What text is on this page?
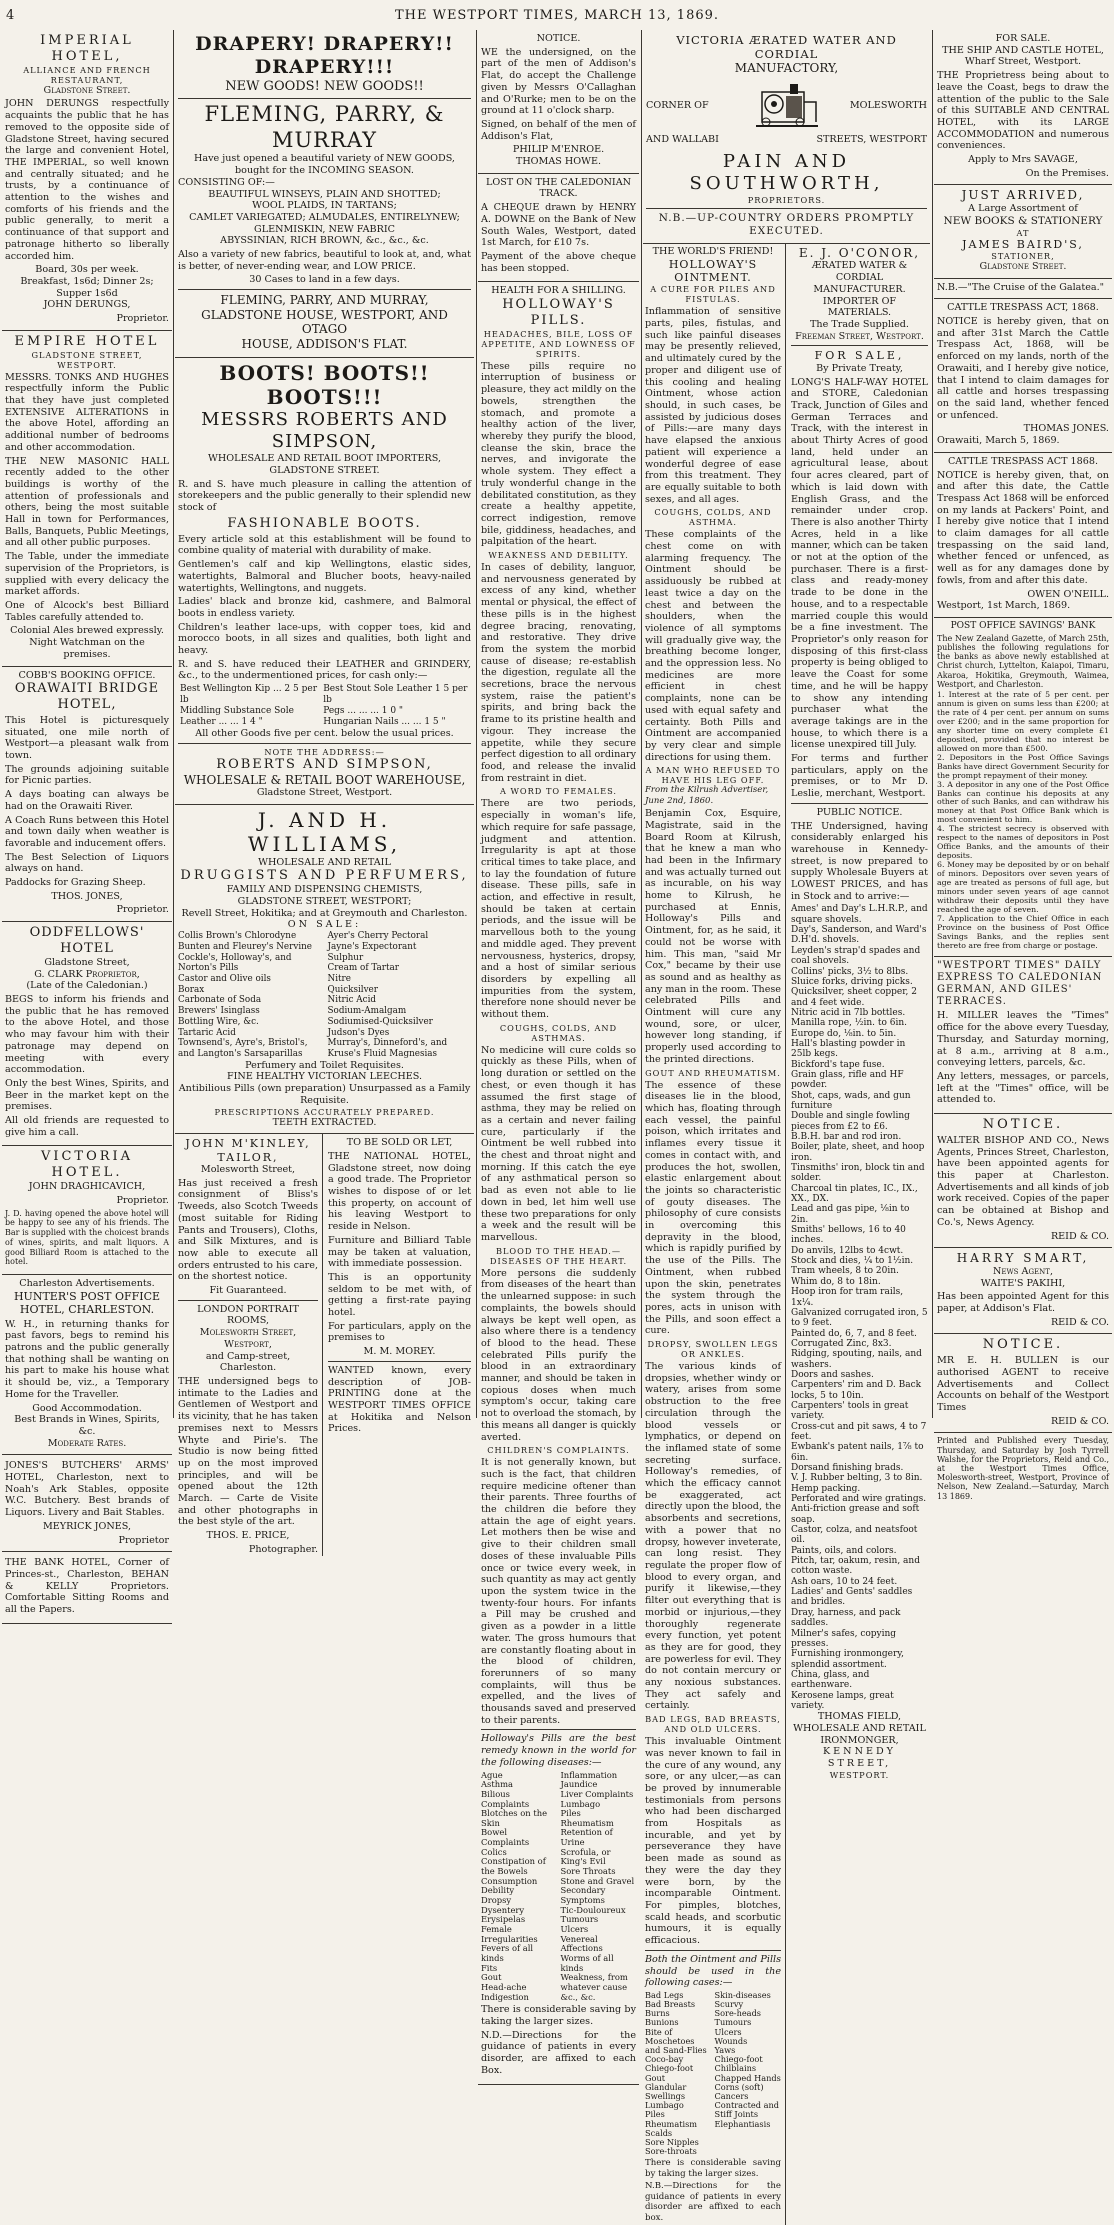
4	THE WESTPORT TIMES, MARCH 13, 1869.
IMPERIAL HOTEL,
ALLIANCE AND FRENCH RESTAURANT,
Gladstone Street.
JOHN DERUNGS respectfully acquaints the public that he has removed to the opposite side of Gladstone Street, having secured the large and convenient Hotel, THE IMPERIAL, so well known and centrally situated; and he trusts, by a continuance of attention to the wishes and comforts of his friends and the public generally, to merit a continuance of that support and patronage hitherto so liberally accorded him.
Board, 30s per week.
Breakfast, 1s6d; Dinner 2s; Supper 1s6d
JOHN DERUNGS,
Proprietor.
EMPIRE HOTEL
GLADSTONE STREET,
WESTPORT.
MESSRS. TONKS AND HUGHES respectfully inform the Public that they have just completed EXTENSIVE ALTERATIONS in the above Hotel, affording an additional number of bedrooms and other accommodation.
THE NEW MASONIC HALL recently added to the other buildings is worthy of the attention of professionals and others, being the most suitable Hall in town for Performances, Balls, Banquets, Public Meetings, and all other public purposes.
The Table, under the immediate supervision of the Proprietors, is supplied with every delicacy the market affords.
One of Alcock's best Billiard Tables carefully attended to.
Colonial Ales brewed expressly.
Night Watchman on the premises.
COBB'S BOOKING OFFICE.
ORAWAITI BRIDGE HOTEL,
This Hotel is picturesquely situated, one mile north of Westport—a pleasant walk from town.
The grounds adjoining suitable for Picnic parties.
A days boating can always be had on the Orawaiti River.
A Coach Runs between this Hotel and town daily when weather is favorable and inducement offers.
The Best Selection of Liquors always on hand.
Paddocks for Grazing Sheep.
THOS. JONES,
Proprietor.
ODDFELLOWS' HOTEL
Gladstone Street,
G. CLARK Proprietor,
(Late of the Caledonian.)
BEGS to inform his friends and the public that he has removed to the above Hotel, and those who may favour him with their patronage may depend on meeting with every accommodation.
Only the best Wines, Spirits, and Beer in the market kept on the premises.
All old friends are requested to give him a call.
VICTORIA HOTEL.
JOHN DRAGHICAVICH,
Proprietor.
J. D. having opened the above hotel will be happy to see any of his friends. The Bar is supplied with the choicest brands of wines, spirits, and malt liquors. A good Billiard Room is attached to the hotel.
Charleston Advertisements.
HUNTER'S POST OFFICE HOTEL, CHARLESTON.
W. H., in returning thanks for past favors, begs to remind his patrons and the public generally that nothing shall be wanting on his part to make his house what it should be, viz., a Temporary Home for the Traveller.
Good Accommodation.
Best Brands in Wines, Spirits, &c.
Moderate Rates.
JONES'S BUTCHERS' ARMS' HOTEL, Charleston, next to Noah's Ark Stables, opposite W.C. Butchery. Best brands of Liquors. Livery and Bait Stables.
MEYRICK JONES,
Proprietor
THE BANK HOTEL, Corner of Princes-st., Charleston, BEHAN & KELLY Proprietors. Comfortable Sitting Rooms and all the Papers.
DRAPERY! DRAPERY!! DRAPERY!!!
NEW GOODS! NEW GOODS!!
FLEMING, PARRY, & MURRAY
Have just opened a beautiful variety of NEW GOODS, bought for the INCOMING SEASON.
CONSISTING OF:—
BEAUTIFUL WINSEYS, PLAIN AND SHOTTED;
WOOL PLAIDS, IN TARTANS;
CAMLET VARIEGATED; ALMUDALES, ENTIRELYNEW;
GLENMISKIN, NEW FABRIC
ABYSSINIAN, RICH BROWN, &c., &c., &c.
Also a variety of new fabrics, beautiful to look at, and, what is better, of never-ending wear, and LOW PRICE.
30 Cases to land in a few days.
FLEMING, PARRY, AND MURRAY,
GLADSTONE HOUSE, WESTPORT, AND OTAGO
HOUSE, ADDISON'S FLAT.
BOOTS! BOOTS!! BOOTS!!!
MESSRS ROBERTS AND SIMPSON,
WHOLESALE AND RETAIL BOOT IMPORTERS,
GLADSTONE STREET.
R. and S. have much pleasure in calling the attention of storekeepers and the public generally to their splendid new stock of
FASHIONABLE BOOTS.
Every article sold at this establishment will be found to combine quality of material with durability of make.
Gentlemen's calf and kip Wellingtons, elastic sides, watertights, Balmoral and Blucher boots, heavy-nailed watertights, Wellingtons, and nuggets.
Ladies' black and bronze kid, cashmere, and Balmoral boots in endless variety.
Children's leather lace-ups, with copper toes, kid and morocco boots, in all sizes and qualities, both light and heavy.
R. and S. have reduced their LEATHER and GRINDERY, &c., to the undermentioned prices, for cash only:—
Best Wellington Kip ... 2 5 per lb	Best Stout Sole Leather 1 5 per lb
Middling Substance Sole	Pegs ... ... ... 1 0 "
Leather ... ... 1 4 "	Hungarian Nails ... ... 1 5 "
All other Goods five per cent. below the usual prices.
NOTE THE ADDRESS:—
ROBERTS AND SIMPSON,
WHOLESALE & RETAIL BOOT WAREHOUSE,
Gladstone Street, Westport.
J. AND H. WILLIAMS,
WHOLESALE AND RETAIL
DRUGGISTS AND PERFUMERS,
FAMILY AND DISPENSING CHEMISTS,
GLADSTONE STREET, WESTPORT;
Revell Street, Hokitika; and at Greymouth and Charleston.
ON SALE:
Collis Brown's Chlorodyne
Bunten and Fleurey's Nervine
Cockle's, Holloway's, and Norton's Pills
Castor and Olive oils
Borax
Carbonate of Soda
Brewers' Isinglass
Bottling Wire, &c.
Tartaric Acid
Townsend's, Ayre's, Bristol's, and Langton's Sarsaparillas
Ayer's Cherry Pectoral
Jayne's Expectorant
Sulphur
Cream of Tartar
Nitre
Quicksilver
Nitric Acid
Sodium-Amalgam
Sodiumised-Quicksilver
Judson's Dyes
Murray's, Dinneford's, and Kruse's Fluid Magnesias
Perfumery and Toilet Requisites.
FINE HEALTHY VICTORIAN LEECHES.
Antibilious Pills (own preparation) Unsurpassed as a Family Requisite.
PRESCRIPTIONS ACCURATELY PREPARED.
TEETH EXTRACTED.
JOHN M'KINLEY, TAILOR,
Molesworth Street,
Has just received a fresh consignment of Bliss's Tweeds, also Scotch Tweeds (most suitable for Riding Pants and Trousers), Cloths, and Silk Mixtures, and is now able to execute all orders entrusted to his care, on the shortest notice.
Fit Guaranteed.
LONDON PORTRAIT ROOMS,
Molesworth Street, Westport,
and Camp-street, Charleston.
THE undersigned begs to intimate to the Ladies and Gentlemen of Westport and its vicinity, that he has taken premises next to Messrs Whyte and Pirie's. The Studio is now being fitted up on the most improved principles, and will be opened about the 12th March. — Carte de Visite and other photographs in the best style of the art.
THOS. E. PRICE,
Photographer.
TO BE SOLD OR LET,
THE NATIONAL HOTEL, Gladstone street, now doing a good trade. The Proprietor wishes to dispose of or let this property, on account of his leaving Westport to reside in Nelson.
Furniture and Billiard Table may be taken at valuation, with immediate possession.
This is an opportunity seldom to be met with, of getting a first-rate paying hotel.
For particulars, apply on the premises to
M. M. MOREY.
WANTED known, every description of JOB-PRINTING done at the WESTPORT TIMES OFFICE at Hokitika and Nelson Prices.
NOTICE.
WE the undersigned, on the part of the men of Addison's Flat, do accept the Challenge given by Messrs O'Callaghan and O'Rurke; men to be on the ground at 11 o'clock sharp.
Signed, on behalf of the men of Addison's Flat,
PHILIP M'ENROE.
THOMAS HOWE.
LOST ON THE CALEDONIAN TRACK.
A CHEQUE drawn by HENRY A. DOWNE on the Bank of New South Wales, Westport, dated 1st March, for £10 7s.
Payment of the above cheque has been stopped.
HEALTH FOR A SHILLING.
HOLLOWAY'S PILLS.
HEADACHES, BILE, LOSS OF APPETITE, AND LOWNESS OF SPIRITS.
These pills require no interruption of business or pleasure, they act mildly on the bowels, strengthen the stomach, and promote a healthy action of the liver, whereby they purify the blood, cleanse the skin, brace the nerves, and invigorate the whole system. They effect a truly wonderful change in the debilitated constitution, as they create a healthy appetite, correct indigestion, remove bile, giddiness, headaches, and palpitation of the heart.
WEAKNESS AND DEBILITY.
In cases of debility, languor, and nervousness generated by excess of any kind, whether mental or physical, the effect of these pills is in the highest degree bracing, renovating, and restorative. They drive from the system the morbid cause of disease; re-establish the digestion, regulate all the secretions, brace the nervous system, raise the patient's spirits, and bring back the frame to its pristine health and vigour. They increase the appetite, while they secure perfect digestion to all ordinary food, and release the invalid from restraint in diet.
A WORD TO FEMALES.
There are two periods, especially in woman's life, which require for safe passage, judgment and attention. Irregularity is apt at those critical times to take place, and to lay the foundation of future disease. These pills, safe in action, and effective in result, should be taken at certain periods, and the issue will be marvellous both to the young and middle aged. They prevent nervousness, hysterics, dropsy, and a host of similar serious disorders by expelling all impurities from the system, therefore none should never be without them.
COUGHS, COLDS, AND ASTHMAS.
No medicine will cure colds so quickly as these Pills, when of long duration or settled on the chest, or even though it has assumed the first stage of asthma, they may be relied on as a certain and never failing cure, particularly if the Ointment be well rubbed into the chest and throat night and morning. If this catch the eye of any asthmatical person so bad as even not able to lie down in bed, let him well use these two preparations for only a week and the result will be marvellous.
BLOOD TO THE HEAD.—DISEASES OF THE HEART.
More persons die suddenly from diseases of the heart than the unlearned suppose: in such complaints, the bowels should always be kept well open, as also where there is a tendency of blood to the head. These celebrated Pills purify the blood in an extraordinary manner, and should be taken in copious doses when much symptom's occur, taking care not to overload the stomach, by this means all danger is quickly averted.
CHILDREN'S COMPLAINTS.
It is not generally known, but such is the fact, that children require medicine oftener than their parents. Three fourths of the children die before they attain the age of eight years. Let mothers then be wise and give to their children small doses of these invaluable Pills once or twice every week, in such quantity as may act gently upon the system twice in the twenty-four hours. For infants a Pill may be crushed and given as a powder in a little water. The gross humours that are constantly floating about in the blood of children, forerunners of so many complaints, will thus be expelled, and the lives of thousands saved and preserved to their parents.
Holloway's Pills are the best remedy known in the world for the following diseases:—
Ague
Asthma
Bilious Complaints
Blotches on the Skin
Bowel Complaints
Colics
Constipation of the Bowels
Consumption
Debility
Dropsy
Dysentery
Erysipelas
Female Irregularities
Fevers of all kinds
Fits
Gout
Head-ache
Indigestion
Inflammation
Jaundice
Liver Complaints
Lumbago
Piles
Rheumatism
Retention of Urine
Scrofula, or King's Evil
Sore Throats
Stone and Gravel
Secondary Symptoms
Tic-Douloureux
Tumours
Ulcers
Venereal Affections
Worms of all kinds
Weakness, from whatever cause
&c., &c.
There is considerable saving by taking the larger sizes.
N.D.—Directions for the guidance of patients in every disorder, are affixed to each Box.
VICTORIA ÆRATED WATER AND CORDIAL
MANUFACTORY,
CORNER OF	MOLESWORTH
AND WALLABI	STREETS, WESTPORT
PAIN AND SOUTHWORTH,
PROPRIETORS.
N.B.—UP-COUNTRY ORDERS PROMPTLY EXECUTED.
THE WORLD'S FRIEND!
HOLLOWAY'S OINTMENT.
A CURE FOR PILES AND FISTULAS.
Inflammation of sensitive parts, piles, fistulas, and such like painful diseases may be presently relieved, and ultimately cured by the proper and diligent use of this cooling and healing Ointment, whose action should, in such cases, be assisted by judicious doses of Pills:—are many days have elapsed the anxious patient will experience a wonderful degree of ease from this treatment. They are equally suitable to both sexes, and all ages.
COUGHS, COLDS, AND ASTHMA.
These complaints of the chest come on with alarming frequency. The Ointment should be assiduously be rubbed at least twice a day on the chest and between the shoulders, when the violence of all symptoms will gradually give way, the breathing become longer, and the oppression less. No medicines are more efficient in chest complaints, none can be used with equal safety and certainty. Both Pills and Ointment are accompanied by very clear and simple directions for using them.
A MAN WHO REFUSED TO HAVE HIS LEG OFF.
From the Kilrush Advertiser, June 2nd, 1860.
Benjamin Cox, Esquire, Magistrate, said in the Board Room at Kilrush, that he knew a man who had been in the Infirmary and was actually turned out as incurable, on his way home to Kilrush, he purchased at Ennis, Holloway's Pills and Ointment, for, as he said, it could not be worse with him. This man, "said Mr Cox," became by their use as sound and as healthy as any man in the room. These celebrated Pills and Ointment will cure any wound, sore, or ulcer, however long standing, if properly used according to the printed directions.
GOUT AND RHEUMATISM.
The essence of these diseases lie in the blood, which has, floating through each vessel, the painful poison, which irritates and inflames every tissue it comes in contact with, and produces the hot, swollen, elastic enlargement about the joints so characteristic of gouty diseases. The philosophy of cure consists in overcoming this depravity in the blood, which is rapidly purified by the use of the Pills. The Ointment, when rubbed upon the skin, penetrates the system through the pores, acts in unison with the Pills, and soon effect a cure.
DROPSY, SWOLLEN LEGS OR ANKLES.
The various kinds of dropsies, whether windy or watery, arises from some obstruction to the free circulation through the blood vessels or lymphatics, or depend on the inflamed state of some secreting surface. Holloway's remedies, of which the efficacy cannot be exaggerated, act directly upon the blood, the absorbents and secretions, with a power that no dropsy, however inveterate, can long resist. They regulate the proper flow of blood to every organ, and purify it likewise,—they filter out everything that is morbid or injurious,—they thoroughly regenerate every function, yet potent as they are for good, they are powerless for evil. They do not contain mercury or any noxious substances. They act safely and certainly.
BAD LEGS, BAD BREASTS, AND OLD ULCERS.
This invaluable Ointment was never known to fail in the cure of any wound, any sore, or any ulcer,—as can be proved by innumerable testimonials from persons who had been discharged from Hospitals as incurable, and yet by perseverance they have been made as sound as they were the day they were born, by the incomparable Ointment. For pimples, blotches, scald heads, and scorbutic humours, it is equally efficacious.
Both the Ointment and Pills should be used in the following cases:—
Bad Legs
Bad Breasts
Burns
Bunions
Bite of Moschetoes and Sand-Flies
Coco-bay
Chiego-foot
Gout
Glandular Swellings
Lumbago
Piles
Rheumatism
Scalds
Sore Nipples
Sore-throats
Skin-diseases
Scurvy
Sore-heads
Tumours
Ulcers
Wounds
Yaws
Chiego-foot
Chilblains
Chapped Hands
Corns (soft)
Cancers
Contracted and Stiff Joints
Elephantiasis
There is considerable saving by taking the larger sizes.
N.B.—Directions for the guidance of patients in every disorder are affixed to each box.
E. J. O'CONOR,
ÆRATED WATER & CORDIAL
MANUFACTURER.
IMPORTER OF MATERIALS.
The Trade Supplied.
Freeman Street, Westport.
FOR SALE,
By Private Treaty,
LONG'S HALF-WAY HOTEL and STORE, Caledonian Track, Junction of Giles and German Terraces and Track, with the interest in about Thirty Acres of good land, held under an agricultural lease, about four acres cleared, part of which is laid down with English Grass, and the remainder under crop. There is also another Thirty Acres, held in a like manner, which can be taken or not at the option of the purchaser. There is a first-class and ready-money trade to be done in the house, and to a respectable married couple this would be a fine investment. The Proprietor's only reason for disposing of this first-class property is being obliged to leave the Coast for some time, and he will be happy to show any intending purchaser what the average takings are in the house, to which there is a license unexpired till July.
For terms and further particulars, apply on the premises, or to Mr D. Leslie, merchant, Westport.
PUBLIC NOTICE.
THE Undersigned, having considerably enlarged his warehouse in Kennedy-street, is now prepared to supply Wholesale Buyers at LOWEST PRICES, and has in Stock and to arrive:—
Ames' and Day's L.H.R.P., and square shovels.
Day's, Sanderson, and Ward's D.H'd. shovels.
Leyden's strap'd spades and coal shovels.
Collins' picks, 3½ to 8lbs.
Sluice forks, driving picks.
Quicksilver, sheet copper, 2 and 4 feet wide.
Nitric acid in 7lb bottles.
Manilla rope, ½in. to 6in.
Europe do, ⅛in. to 5in.
Hall's blasting powder in 25lb kegs.
Bickford's tape fuse.
Grain glass, rifle and HF powder.
Shot, caps, wads, and gun furniture
Double and single fowling pieces from £2 to £6.
B.B.H. bar and rod iron.
Boiler, plate, sheet, and hoop iron.
Tinsmiths' iron, block tin and solder.
Charcoal tin plates, IC., IX., XX., DX.
Lead and gas pipe, ⅛in to 2in.
Smiths' bellows, 16 to 40 inches.
Do anvils, 12lbs to 4cwt.
Stock and dies, ¼ to 1½in.
Tram wheels, 8 to 20in.
Whim do, 8 to 18in.
Hoop iron for tram rails, 1x¼.
Galvanized corrugated iron, 5 to 9 feet.
Painted do, 6, 7, and 8 feet.
Corrugated Zinc, 8x3.
Ridging, spouting, nails, and washers.
Doors and sashes.
Carpenters' rim and D. Back locks, 5 to 10in.
Carpenters' tools in great variety.
Cross-cut and pit saws, 4 to 7 feet.
Ewbank's patent nails, 1⅞ to 6in.
Dorsand finishing brads.
V. J. Rubber belting, 3 to 8in.
Hemp packing.
Perforated and wire gratings.
Anti-friction grease and soft soap.
Castor, colza, and neatsfoot oil.
Paints, oils, and colors.
Pitch, tar, oakum, resin, and cotton waste.
Ash oars, 10 to 24 feet.
Ladies' and Gents' saddles and bridles.
Dray, harness, and pack saddles.
Milner's safes, copying presses.
Furnishing ironmongery, splendid assortment.
China, glass, and earthenware.
Kerosene lamps, great variety.
THOMAS FIELD,
WHOLESALE AND RETAIL IRONMONGER,
KENNEDY STREET,
WESTPORT.
FOR SALE.
THE SHIP AND CASTLE HOTEL,
Wharf Street, Westport.
THE Proprietress being about to leave the Coast, begs to draw the attention of the public to the Sale of this SUITABLE AND CENTRAL HOTEL, with its LARGE ACCOMMODATION and numerous conveniences.
Apply to Mrs SAVAGE,
On the Premises.
JUST ARRIVED,
A Large Assortment of
NEW BOOKS & STATIONERY
AT
JAMES BAIRD'S,
STATIONER,
Gladstone Street.
N.B.—"The Cruise of the Galatea."
CATTLE TRESPASS ACT, 1868.
NOTICE is hereby given, that on and after 31st March the Cattle Trespass Act, 1868, will be enforced on my lands, north of the Orawaiti, and I hereby give notice, that I intend to claim damages for all cattle and horses trespassing on the said land, whether fenced or unfenced.
THOMAS JONES.
Orawaiti, March 5, 1869.
CATTLE TRESPASS ACT 1868.
NOTICE is hereby given, that, on and after this date, the Cattle Trespass Act 1868 will be enforced on my lands at Packers' Point, and I hereby give notice that I intend to claim damages for all cattle trespassing on the said land, whether fenced or unfenced, as well as for any damages done by fowls, from and after this date.
OWEN O'NEILL.
Westport, 1st March, 1869.
POST OFFICE SAVINGS' BANK
The New Zealand Gazette, of March 25th, publishes the following regulations for the banks as above newly established at Christ church, Lyttelton, Kaiapoi, Timaru, Akaroa, Hokitika, Greymouth, Waimea, Westport, and Charleston.
1. Interest at the rate of 5 per cent. per annum is given on sums less than £200; at the rate of 4 per cent. per annum on sums over £200; and in the same proportion for any shorter time on every complete £1 deposited, provided that no interest be allowed on more than £500.
2. Depositors in the Post Office Savings Banks have direct Government Security for the prompt repayment of their money.
3. A depositor in any one of the Post Office Banks can continue his deposits at any other of such Banks, and can withdraw his money at that Post Office Bank which is most convenient to him.
4. The strictest secrecy is observed with respect to the names of depositors in Post Office Banks, and the amounts of their deposits.
6. Money may be deposited by or on behalf of minors. Depositors over seven years of age are treated as persons of full age, but minors under seven years of age cannot withdraw their deposits until they have reached the age of seven.
7. Application to the Chief Office in each Province on the business of Post Office Savings Banks, and the replies sent thereto are free from charge or postage.
"WESTPORT TIMES" DAILY EXPRESS TO CALEDONIAN GERMAN, AND GILES' TERRACES.
H. MILLER leaves the "Times" office for the above every Tuesday, Thursday, and Saturday morning, at 8 a.m., arriving at 8 a.m., conveying letters, parcels, &c.
Any letters, messages, or parcels, left at the "Times" office, will be attended to.
NOTICE.
WALTER BISHOP AND CO., News Agents, Princes Street, Charleston, have been appointed agents for this paper at Charleston. Advertisements and all kinds of job work received. Copies of the paper can be obtained at Bishop and Co.'s, News Agency.
REID & CO.
HARRY SMART,
News Agent,
WAITE'S PAKIHI,
Has been appointed Agent for this paper, at Addison's Flat.
REID & CO.
NOTICE.
MR E. H. BULLEN is our authorised AGENT to receive Advertisements and Collect Accounts on behalf of the Westport Times
REID & CO.
Printed and Published every Tuesday, Thursday, and Saturday by Josh Tyrrell Walshe, for the Proprietors, Reid and Co., at the Westport Times Office, Molesworth-street, Westport, Province of Nelson, New Zealand.—Saturday, March 13 1869.
